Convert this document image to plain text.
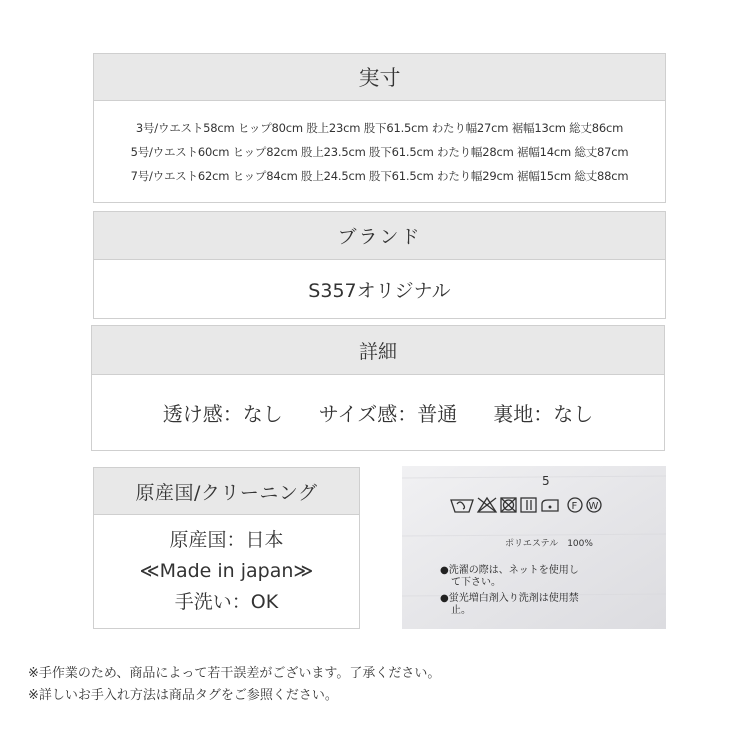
実寸
3号/ウエスト58cm ヒップ80cm 股上23cm 股下61.5cm わたり幅27cm 裾幅13cm 総丈86cm
5号/ウエスト60cm ヒップ82cm 股上23.5cm 股下61.5cm わたり幅28cm 裾幅14cm 総丈87cm
7号/ウエスト62cm ヒップ84cm 股上24.5cm 股下61.5cm わたり幅29cm 裾幅15cm 総丈88cm
ブランド
S357オリジナル
詳細
透け感：なし サイズ感：普通 裏地：なし
原産国/クリーニング
原産国：日本
≪Made in japan≫
手洗い：OK
5
F W
ポリエステル　100%
●洗濯の際は、ネットを使用し
て下さい。
●蛍光増白剤入り洗剤は使用禁
止。
※手作業のため、商品によって若干誤差がございます。了承ください。
※詳しいお手入れ方法は商品タグをご参照ください。
